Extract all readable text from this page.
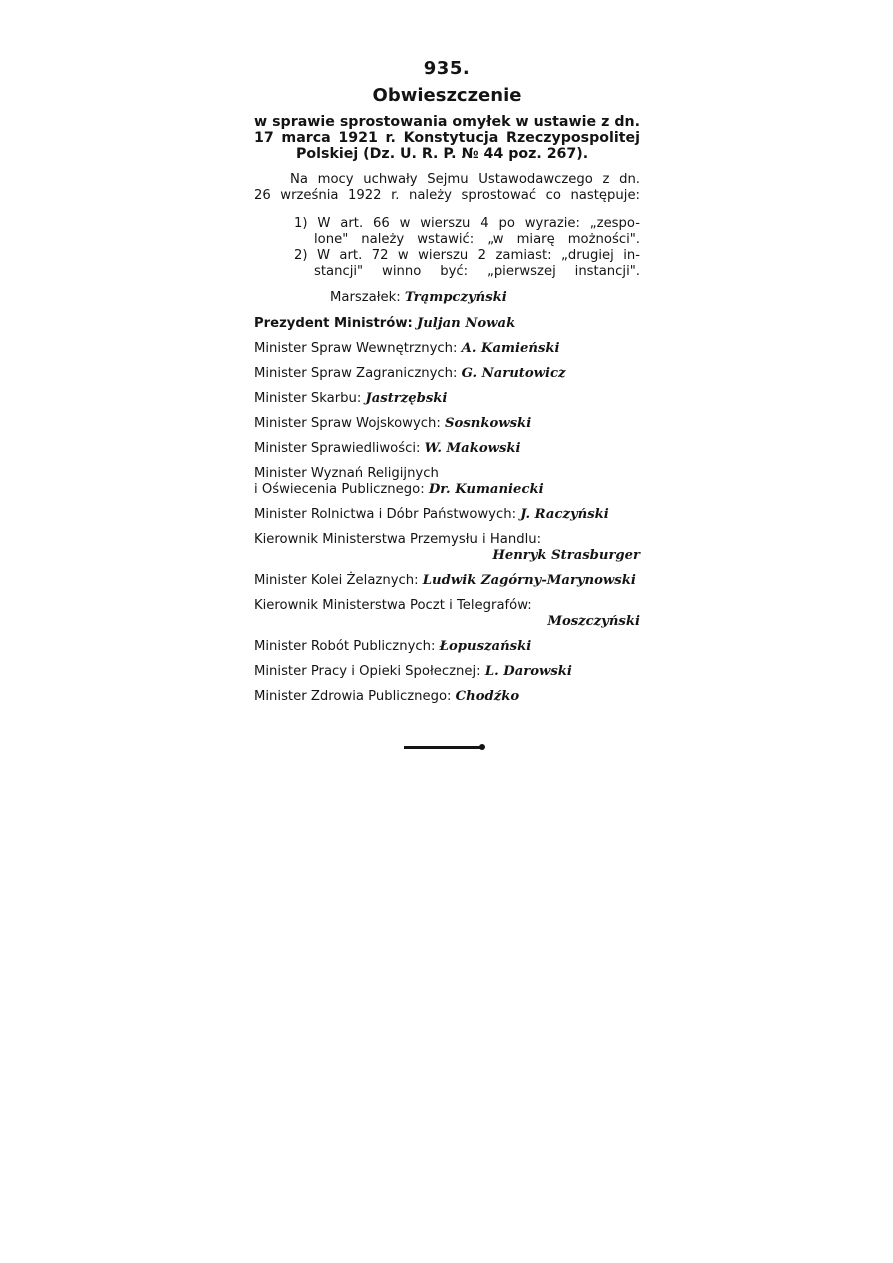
935.
Obwieszczenie
w sprawie sprostowania omyłek w ustawie z dn.
17 marca 1921 r. Konstytucja Rzeczypospolitej
Polskiej (Dz. U. R. P. № 44 poz. 267).
Na mocy uchwały Sejmu Ustawodawczego z dn.
26 września 1922 r. należy sprostować co następuje:
1) W art. 66 w wierszu 4 po wyrazie: „zespo-
lone" należy wstawić: „w miarę możności".
2) W art. 72 w wierszu 2 zamiast: „drugiej in-
stancji" winno być: „pierwszej instancji".
Marszałek: Trąmpczyński
Prezydent Ministrów: Juljan Nowak
Minister Spraw Wewnętrznych: A. Kamieński
Minister Spraw Zagranicznych: G. Narutowicz
Minister Skarbu: Jastrzębski
Minister Spraw Wojskowych: Sosnkowski
Minister Sprawiedliwości: W. Makowski
Minister Wyznań Religijnych
i Oświecenia Publicznego: Dr. Kumaniecki
Minister Rolnictwa i Dóbr Państwowych: J. Raczyński
Kierownik Ministerstwa Przemysłu i Handlu:
Henryk Strasburger
Minister Kolei Żelaznych: Ludwik Zagórny-Marynowski
Kierownik Ministerstwa Poczt i Telegrafów:
Moszczyński
Minister Robót Publicznych: Łopuszański
Minister Pracy i Opieki Społecznej: L. Darowski
Minister Zdrowia Publicznego: Chodźko
